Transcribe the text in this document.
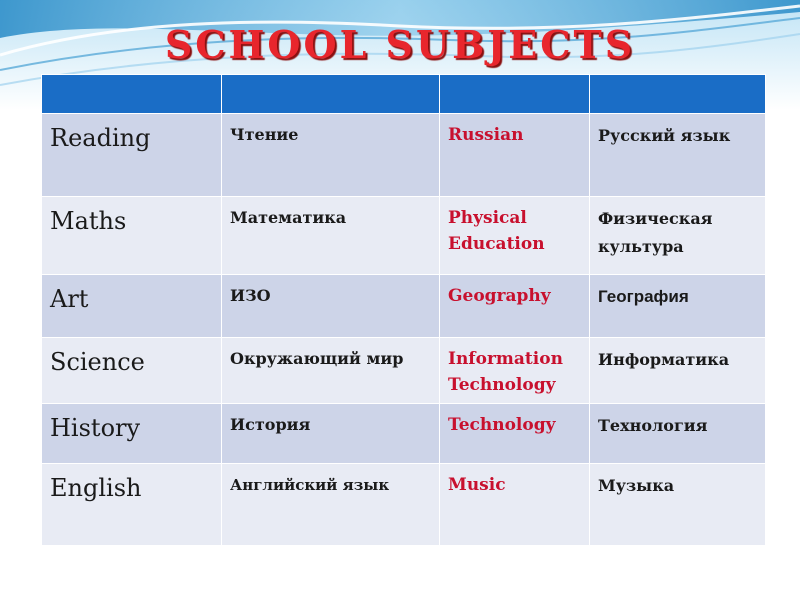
SCHOOL SUBJECTS

Reading	Чтение	Russian	Русский язык
Maths	Математика	Physical Education	Физическая культура
Art	ИЗО	Geography	География
Science	Окружающий мир	Information Technology	Информатика
History	История	Technology	Технология
English	Английский язык	Music	Музыка
